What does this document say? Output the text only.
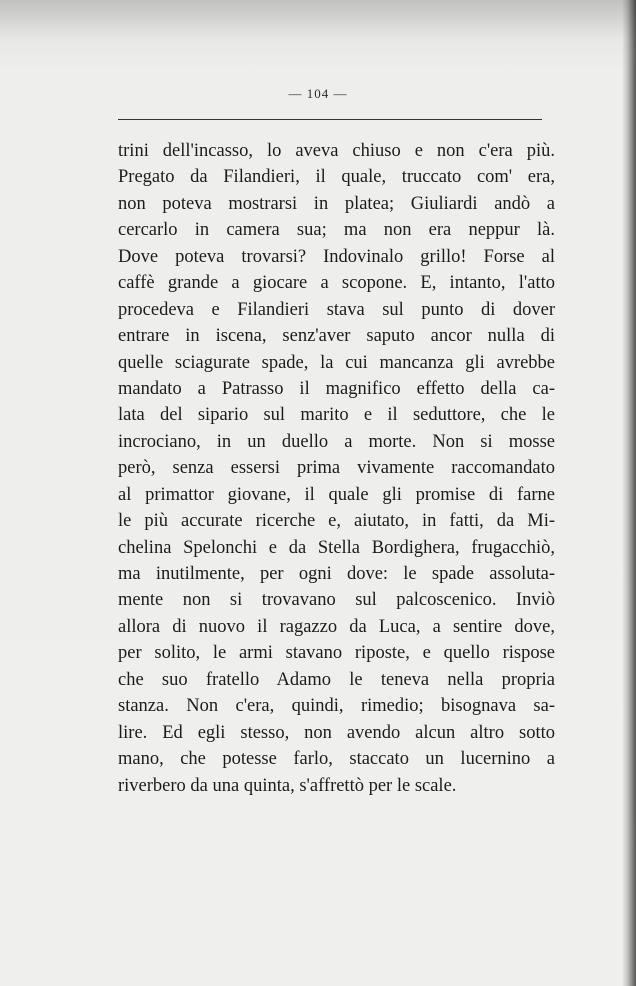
— 104 —
trini dell'incasso, lo aveva chiuso e non c'era più.
Pregato da Filandieri, il quale, truccato com' era,
non poteva mostrarsi in platea; Giuliardi andò a
cercarlo in camera sua; ma non era neppur là.
Dove poteva trovarsi? Indovinalo grillo! Forse al
caffè grande a giocare a scopone. E, intanto, l'atto
procedeva e Filandieri stava sul punto di dover
entrare in iscena, senz'aver saputo ancor nulla di
quelle sciagurate spade, la cui mancanza gli avrebbe
mandato a Patrasso il magnifico effetto della ca-
lata del sipario sul marito e il seduttore, che le
incrociano, in un duello a morte. Non si mosse
però, senza essersi prima vivamente raccomandato
al primattor giovane, il quale gli promise di farne
le più accurate ricerche e, aiutato, in fatti, da Mi-
chelina Spelonchi e da Stella Bordighera, frugacchiò,
ma inutilmente, per ogni dove: le spade assoluta-
mente non si trovavano sul palcoscenico. Inviò
allora di nuovo il ragazzo da Luca, a sentire dove,
per solito, le armi stavano riposte, e quello rispose
che suo fratello Adamo le teneva nella propria
stanza. Non c'era, quindi, rimedio; bisognava sa-
lire. Ed egli stesso, non avendo alcun altro sotto
mano, che potesse farlo, staccato un lucernino a
riverbero da una quinta, s'affrettò per le scale.
